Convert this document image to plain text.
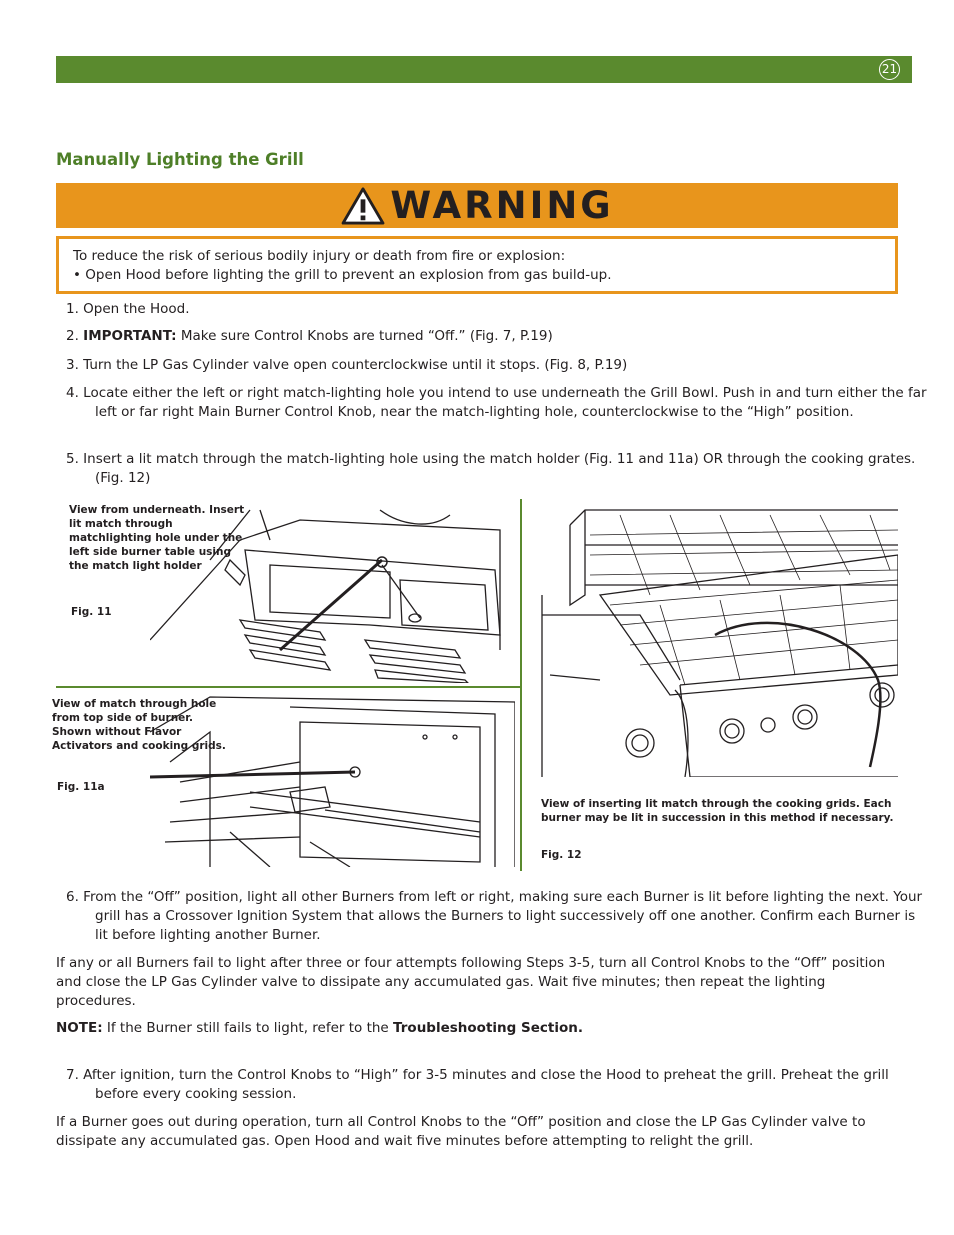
21
Manually Lighting the Grill
WARNING
To reduce the risk of serious bodily injury or death from fire or explosion:
• Open Hood before lighting the grill to prevent an explosion from gas build-up.

1. Open the Hood.

2. IMPORTANT: Make sure Control Knobs are turned “Off.” (Fig. 7, P.19)

3. Turn the LP Gas Cylinder valve open counterclockwise until it stops. (Fig. 8, P.19)

4. Locate either the left or right match-lighting hole you intend to use underneath the Grill Bowl. Push in and turn either the far left or far right Main Burner Control Knob, near the match-lighting hole, counterclockwise to the “High” position.

5. Insert a lit match through the match-lighting hole using the match holder (Fig. 11 and 11a) OR through the cooking grates. (Fig. 12)

View from underneath. Insert lit match through matchlighting hole under the left side burner table using the match light holder

Fig. 11

View of match through hole from top side of burner. Shown without Flavor Activators and cooking grids.

Fig. 11a

View of inserting lit match through the cooking grids. Each burner may be lit in succession in this method if necessary.

Fig. 12

6. From the “Off” position, light all other Burners from left or right, making sure each Burner is lit before lighting the next. Your grill has a Crossover Ignition System that allows the Burners to light successively off one another. Confirm each Burner is lit before lighting another Burner.

If any or all Burners fail to light after three or four attempts following Steps 3-5, turn all Control Knobs to the “Off” position and close the LP Gas Cylinder valve to dissipate any accumulated gas. Wait five minutes; then repeat the lighting procedures.

NOTE: If the Burner still fails to light, refer to the Troubleshooting Section.

7. After ignition, turn the Control Knobs to “High” for 3-5 minutes and close the Hood to preheat the grill. Preheat the grill before every cooking session.

If a Burner goes out during operation, turn all Control Knobs to the “Off” position and close the LP Gas Cylinder valve to dissipate any accumulated gas. Open Hood and wait five minutes before attempting to relight the grill.
